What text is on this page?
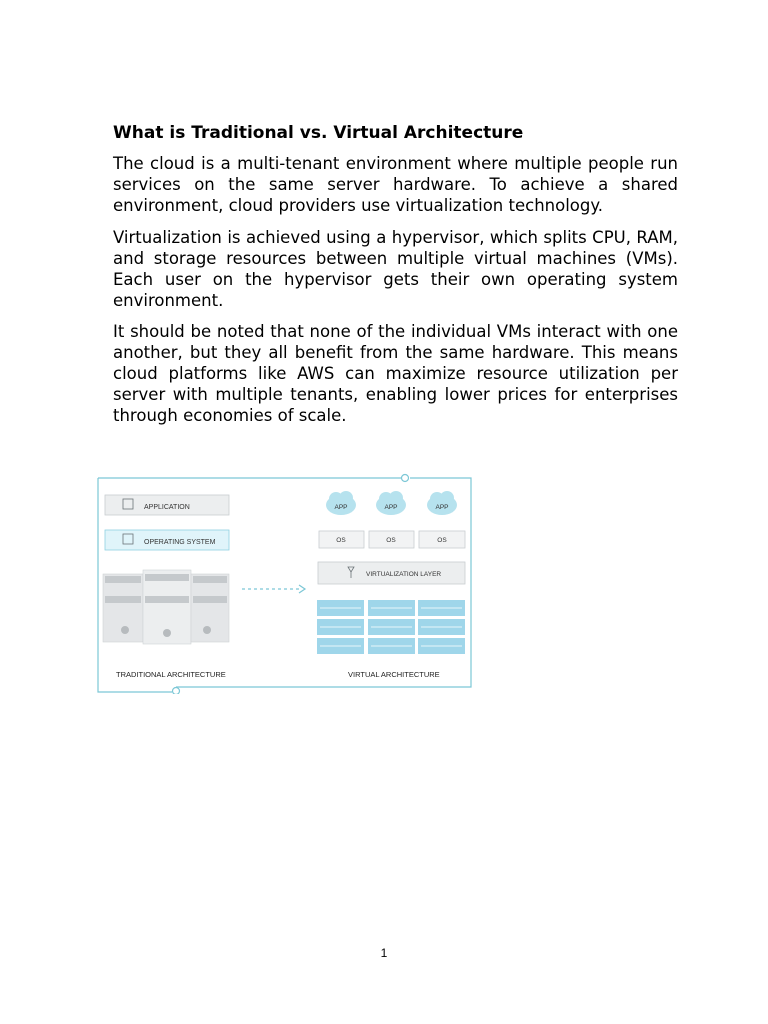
What is Traditional vs. Virtual Architecture

The cloud is a multi-tenant environment where multiple people run services on the same server hardware. To achieve a shared environment, cloud providers use virtualization technology.

Virtualization is achieved using a hypervisor, which splits CPU, RAM, and storage resources between multiple virtual machines (VMs). Each user on the hypervisor gets their own operating system environment.

It should be noted that none of the individual VMs interact with one another, but they all benefit from the same hardware. This means cloud platforms like AWS can maximize resource utilization per server with multiple tenants, enabling lower prices for enterprises through economies of scale.

APPLICATION
OPERATING SYSTEM
TRADITIONAL ARCHITECTURE
APP	APP	APP
OS	OS	OS
VIRTUALIZATION LAYER
VIRTUAL ARCHITECTURE
1
